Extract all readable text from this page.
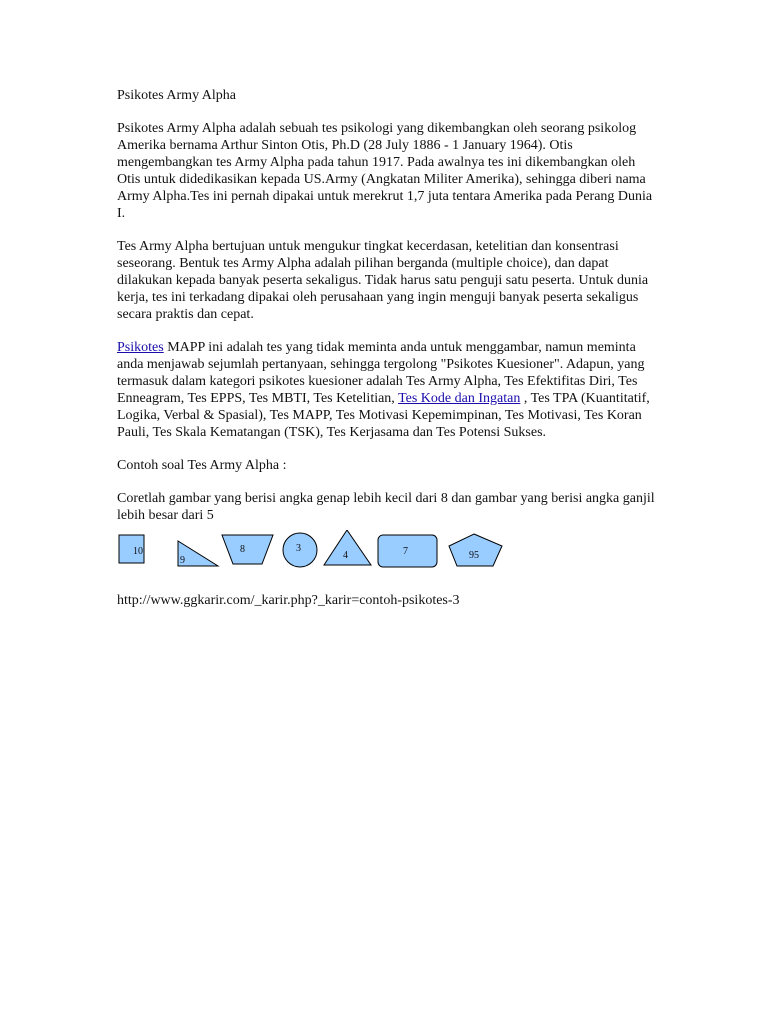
Psikotes Army Alpha

Psikotes Army Alpha adalah sebuah tes psikologi yang dikembangkan oleh seorang psikolog Amerika bernama Arthur Sinton Otis, Ph.D (28 July 1886 - 1 January 1964). Otis mengembangkan tes Army Alpha pada tahun 1917. Pada awalnya tes ini dikembangkan oleh Otis untuk didedikasikan kepada US.Army (Angkatan Militer Amerika), sehingga diberi nama Army Alpha.Tes ini pernah dipakai untuk merekrut 1,7 juta tentara Amerika pada Perang Dunia I.

Tes Army Alpha bertujuan untuk mengukur tingkat kecerdasan, ketelitian dan konsentrasi seseorang. Bentuk tes Army Alpha adalah pilihan berganda (multiple choice), dan dapat dilakukan kepada banyak peserta sekaligus. Tidak harus satu penguji satu peserta. Untuk dunia kerja, tes ini terkadang dipakai oleh perusahaan yang ingin menguji banyak peserta sekaligus secara praktis dan cepat.

Psikotes MAPP ini adalah tes yang tidak meminta anda untuk menggambar, namun meminta anda menjawab sejumlah pertanyaan, sehingga tergolong "Psikotes Kuesioner". Adapun, yang termasuk dalam kategori psikotes kuesioner adalah Tes Army Alpha, Tes Efektifitas Diri, Tes Enneagram, Tes EPPS, Tes MBTI, Tes Ketelitian, Tes Kode dan Ingatan , Tes TPA (Kuantitatif, Logika, Verbal & Spasial), Tes MAPP, Tes Motivasi Kepemimpinan, Tes Motivasi, Tes Koran Pauli, Tes Skala Kematangan (TSK), Tes Kerjasama dan Tes Potensi Sukses.

Contoh soal Tes Army Alpha :

Coretlah gambar yang berisi angka genap lebih kecil dari 8 dan gambar yang berisi angka ganjil lebih besar dari 5

10
9
8	3
4	7	95

http://www.ggkarir.com/_karir.php?_karir=contoh-psikotes-3
